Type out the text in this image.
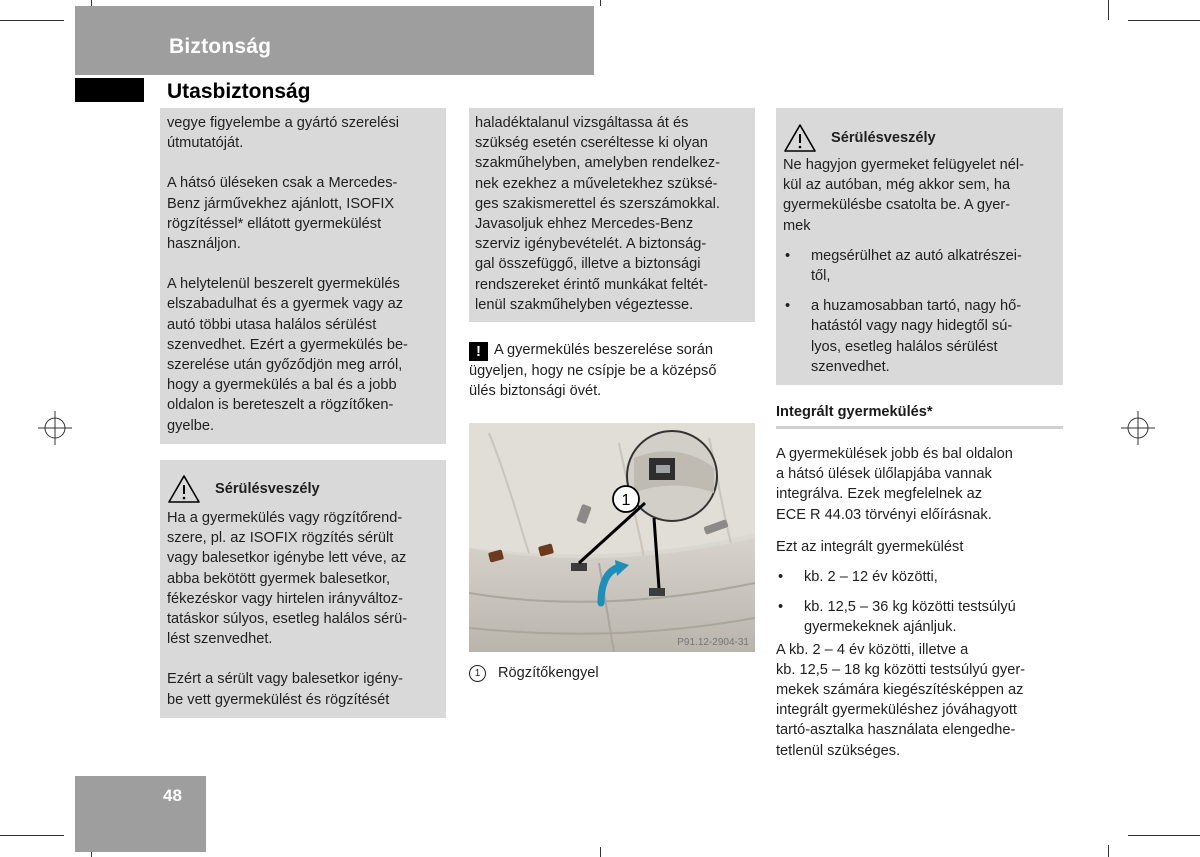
Biztonság
Utasbiztonság

vegye figyelembe a gyártó szerelési

útmutatóját.

A hátsó üléseken csak a Mercedes-

Benz járművekhez ajánlott, ISOFIX

rögzítéssel* ellátott gyermekülést

használjon.

A helytelenül beszerelt gyermekülés

elszabadulhat és a gyermek vagy az

autó többi utasa halálos sérülést

szenvedhet. Ezért a gyermekülés be-

szerelése után győződjön meg arról,

hogy a gyermekülés a bal és a jobb

oldalon is bereteszelt a rögzítőken-

gyelbe.

Sérülésveszély

Ha a gyermekülés vagy rögzítőrend-

szere, pl. az ISOFIX rögzítés sérült

vagy balesetkor igénybe lett véve, az

abba bekötött gyermek balesetkor,

fékezéskor vagy hirtelen irányváltoz-

tatáskor súlyos, esetleg halálos sérü-

lést szenvedhet.

Ezért a sérült vagy balesetkor igény-

be vett gyermekülést és rögzítését

haladéktalanul vizsgáltassa át és

szükség esetén cseréltesse ki olyan

szakműhelyben, amelyben rendelkez-

nek ezekhez a műveletekhez szüksé-

ges szakismerettel és szerszámokkal.

Javasoljuk ehhez Mercedes-Benz

szerviz igénybevételét. A biztonság-

gal összefüggő, illetve a biztonsági

rendszereket érintő munkákat feltét-

lenül szakműhelyben végeztesse.

! A gyermekülés beszerelése során

ügyeljen, hogy ne csípje be a középső

ülés biztonsági övét.

1
P91.12-2904-31
1	Rögzítőkengyel
Sérülésveszély

Ne hagyjon gyermeket felügyelet nél-

kül az autóban, még akkor sem, ha

gyermekülésbe csatolta be. A gyer-

mek

• megsérülhet az autó alkatrészei-
től,
• a huzamosabban tartó, nagy hő-
hatástól vagy nagy hidegtől sú-
lyos, esetleg halálos sérülést
szenvedhet.
Integrált gyermekülés*

A gyermekülések jobb és bal oldalon

a hátsó ülések ülőlapjába vannak

integrálva. Ezek megfelelnek az

ECE R 44.03 törvényi előírásnak.

Ezt az integrált gyermekülést

• kb. 2 – 12 év közötti,
• kb. 12,5 – 36 kg közötti testsúlyú
gyermekeknek ajánljuk.

A kb. 2 – 4 év közötti, illetve a

kb. 12,5 – 18 kg közötti testsúlyú gyer-

mekek számára kiegészítésképpen az

integrált gyermeküléshez jóváhagyott

tartó-asztalka használata elengedhe-

tetlenül szükséges.

48
